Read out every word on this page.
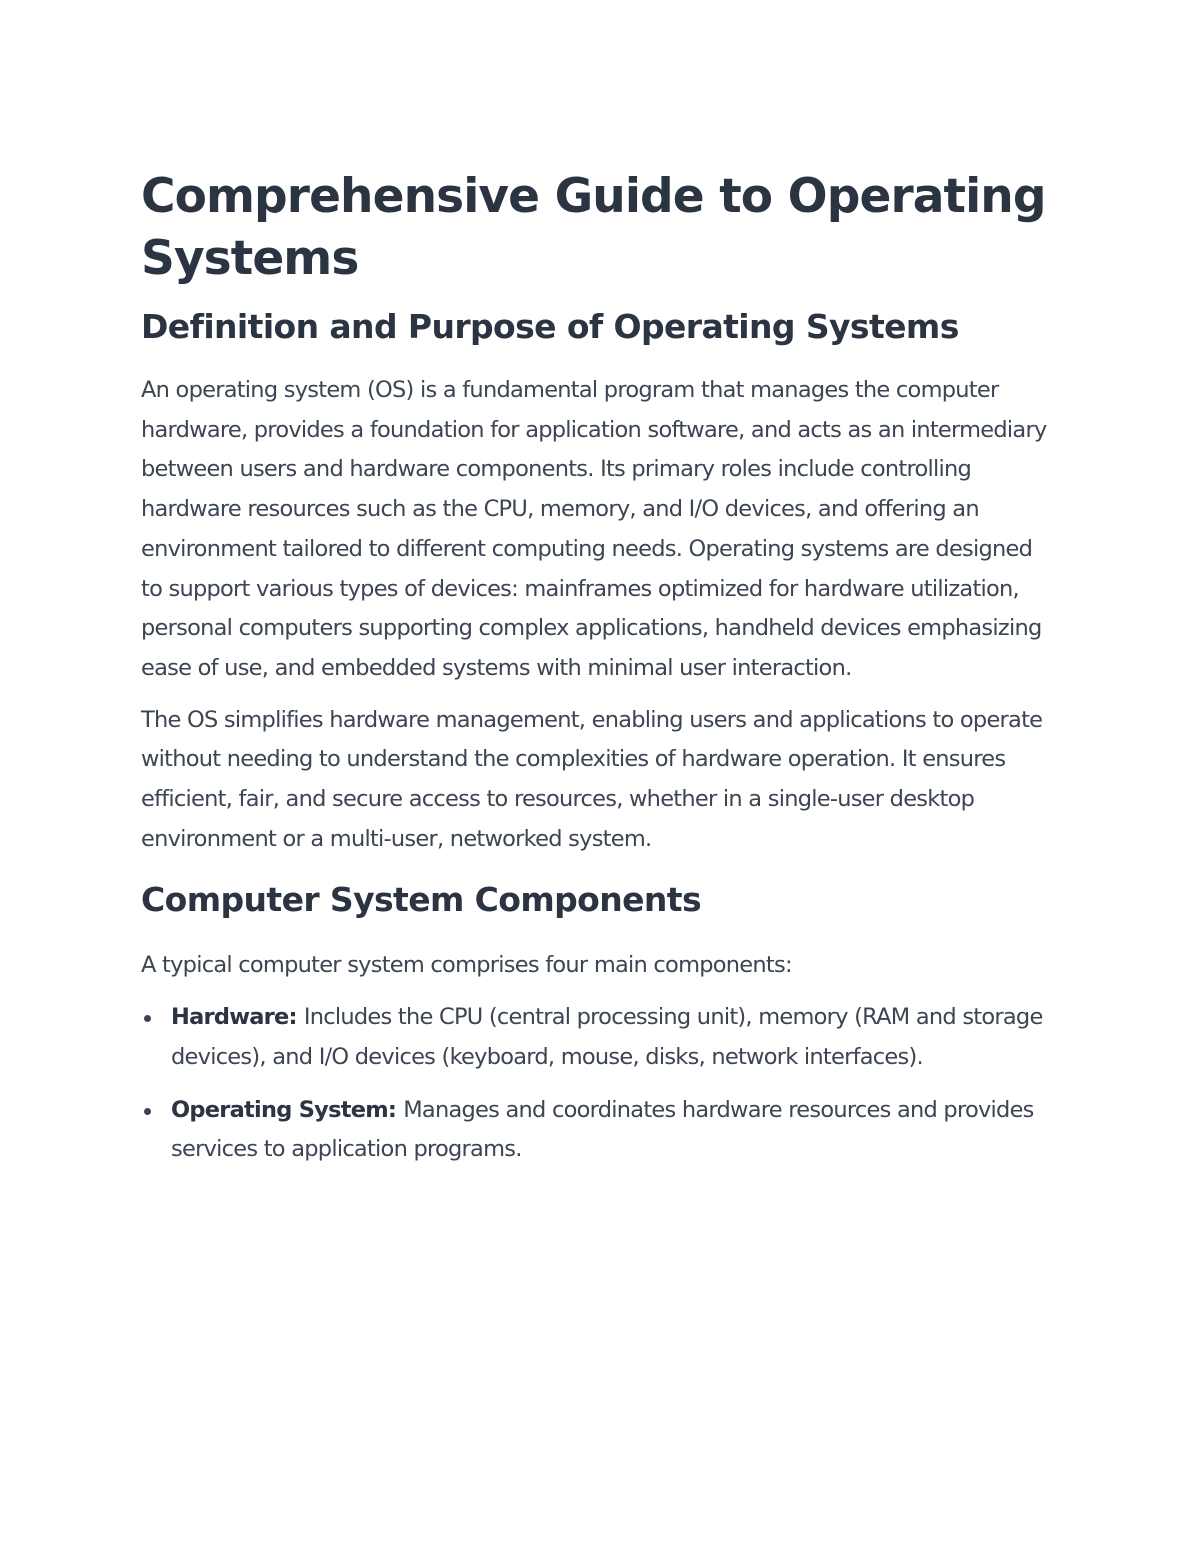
Comprehensive Guide to Operating Systems
Definition and Purpose of Operating Systems

An operating system (OS) is a fundamental program that manages the computer hardware, provides a foundation for application software, and acts as an intermediary between users and hardware components. Its primary roles include controlling hardware resources such as the CPU, memory, and I/O devices, and offering an environment tailored to different computing needs. Operating systems are designed to support various types of devices: mainframes optimized for hardware utilization, personal computers supporting complex applications, handheld devices emphasizing ease of use, and embedded systems with minimal user interaction.

The OS simplifies hardware management, enabling users and applications to operate without needing to understand the complexities of hardware operation. It ensures efficient, fair, and secure access to resources, whether in a single-user desktop environment or a multi-user, networked system.

Computer System Components

A typical computer system comprises four main components:

Hardware: Includes the CPU (central processing unit), memory (RAM and storage devices), and I/O devices (keyboard, mouse, disks, network interfaces).
Operating System: Manages and coordinates hardware resources and provides services to application programs.
